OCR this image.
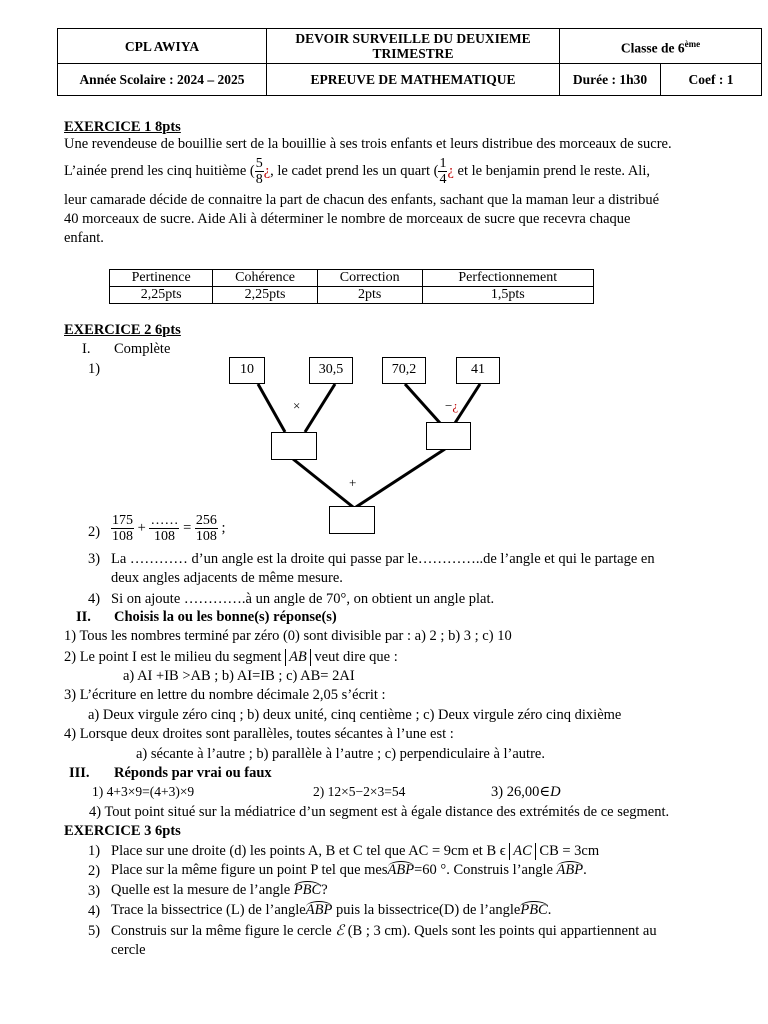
CPL AWIYA	DEVOIR SURVEILLE DU DEUXIEME TRIMESTRE	Classe de 6ème
Année Scolaire : 2024 – 2025	EPREUVE DE MATHEMATIQUE	Durée : 1h30	Coef : 1
EXERCICE 1 8pts
Une revendeuse de bouillie sert de la bouillie à ses trois enfants et leurs distribue des morceaux de sucre.
L’ainée prend les cinq huitième ( $\frac{5}{8}$ ¿, le cadet prend les un quart ( $\frac{1}{4}$ ¿ et le benjamin prend le reste. Ali,
leur camarade décide de connaitre la part de chacun des enfants, sachant que la maman leur a distribué
40 morceaux de sucre. Aide Ali à déterminer le nombre de morceaux de sucre que recevra chaque
enfant.
Pertinence	Cohérence	Correction	Perfectionnement
2,25pts	2,25pts	2pts	1,5pts
EXERCICE 2 6pts
I. Complète
1)	10	30,5	70,2	41
×	−¿
+
$2) \frac{175}{108} + \frac{\dots\dots}{108} = \frac{256}{108}$ ;
3) La ………… d’un angle est la droite qui passe par le…………..de l’angle et qui le partage en
deux angles adjacents de même mesure.
4) Si on ajoute ………….à un angle de 70°, on obtient un angle plat.
II. Choisis la ou les bonne(s) réponse(s)
1) Tous les nombres terminé par zéro (0) sont divisible par : a) 2 ; b) 3 ; c) 10
2) Le point I est le milieu du segment AB veut dire que :
a) AI +IB >AB ; b) AI=IB ; c) AB= 2AI
3) L’écriture en lettre du nombre décimale 2,05 s’écrit :
a) Deux virgule zéro cinq ; b) deux unité, cinq centième ; c) Deux virgule zéro cinq dixième
4) Lorsque deux droites sont parallèles, toutes sécantes à l’une est :
a) sécante à l’autre ; b) parallèle à l’autre ; c) perpendiculaire à l’autre.
III. Réponds par vrai ou faux
1) 4+3×9=(4+3)×9	2) 12×5−2×3=54	3) 26,00∈D
4) Tout point situé sur la médiatrice d’un segment est à égale distance des extrémités de ce segment.
EXERCICE 3 6pts
1) Place sur une droite (d) les points A, B et C tel que AC = 9cm et B ϵ AC CB = 3cm
2) Place sur la même figure un point P tel que mesABP=60 °. Construis l’angle ABP.
3) Quelle est la mesure de l’angle PBC?
4) Trace la bissectrice (L) de l’angleABP puis la bissectrice(D) de l’anglePBC.
5) Construis sur la même figure le cercle ℰ (B ; 3 cm). Quels sont les points qui appartiennent au
cercle
